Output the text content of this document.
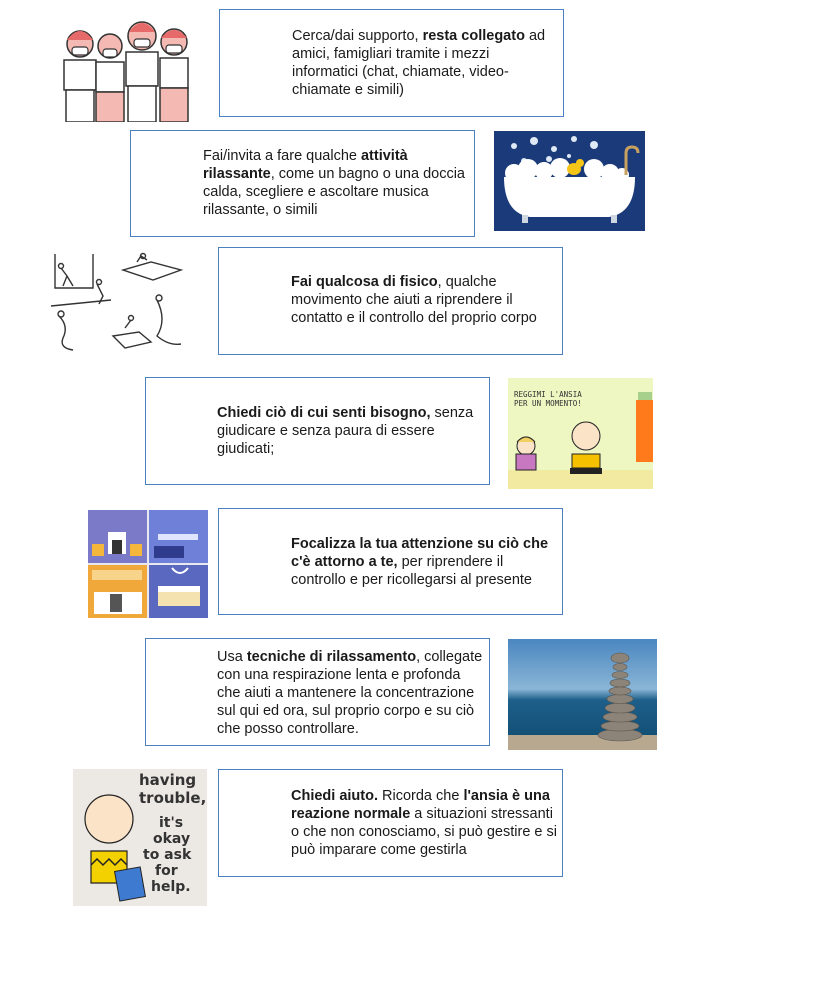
Cerca/dai supporto, resta collegato ad amici, famigliari tramite i mezzi informatici (chat, chiamate, video-chiamate e simili)
Fai/invita a fare qualche attività rilassante, come un bagno o una doccia calda, scegliere e ascoltare musica rilassante, o simili
Fai qualcosa di fisico, qualche movimento che aiuti a riprendere il contatto e il controllo del proprio corpo
Chiedi ciò di cui senti bisogno, senza giudicare e senza paura di essere giudicati;
REGGIMI L'ANSIA
PER UN MOMENTO!
Focalizza la tua attenzione su ciò che c'è attorno a te, per riprendere il controllo e per ricollegarsi al presente
Usa tecniche di rilassamento, collegate con una respirazione lenta e profonda che aiuti a mantenere la concentrazione sul qui ed ora, sul proprio corpo e su ciò che posso controllare.
having
trouble,
it's
okay
to ask
for
help.
Chiedi aiuto. Ricorda che l'ansia è una reazione normale a situazioni stressanti o che non conosciamo, si può gestire e si può imparare come gestirla
